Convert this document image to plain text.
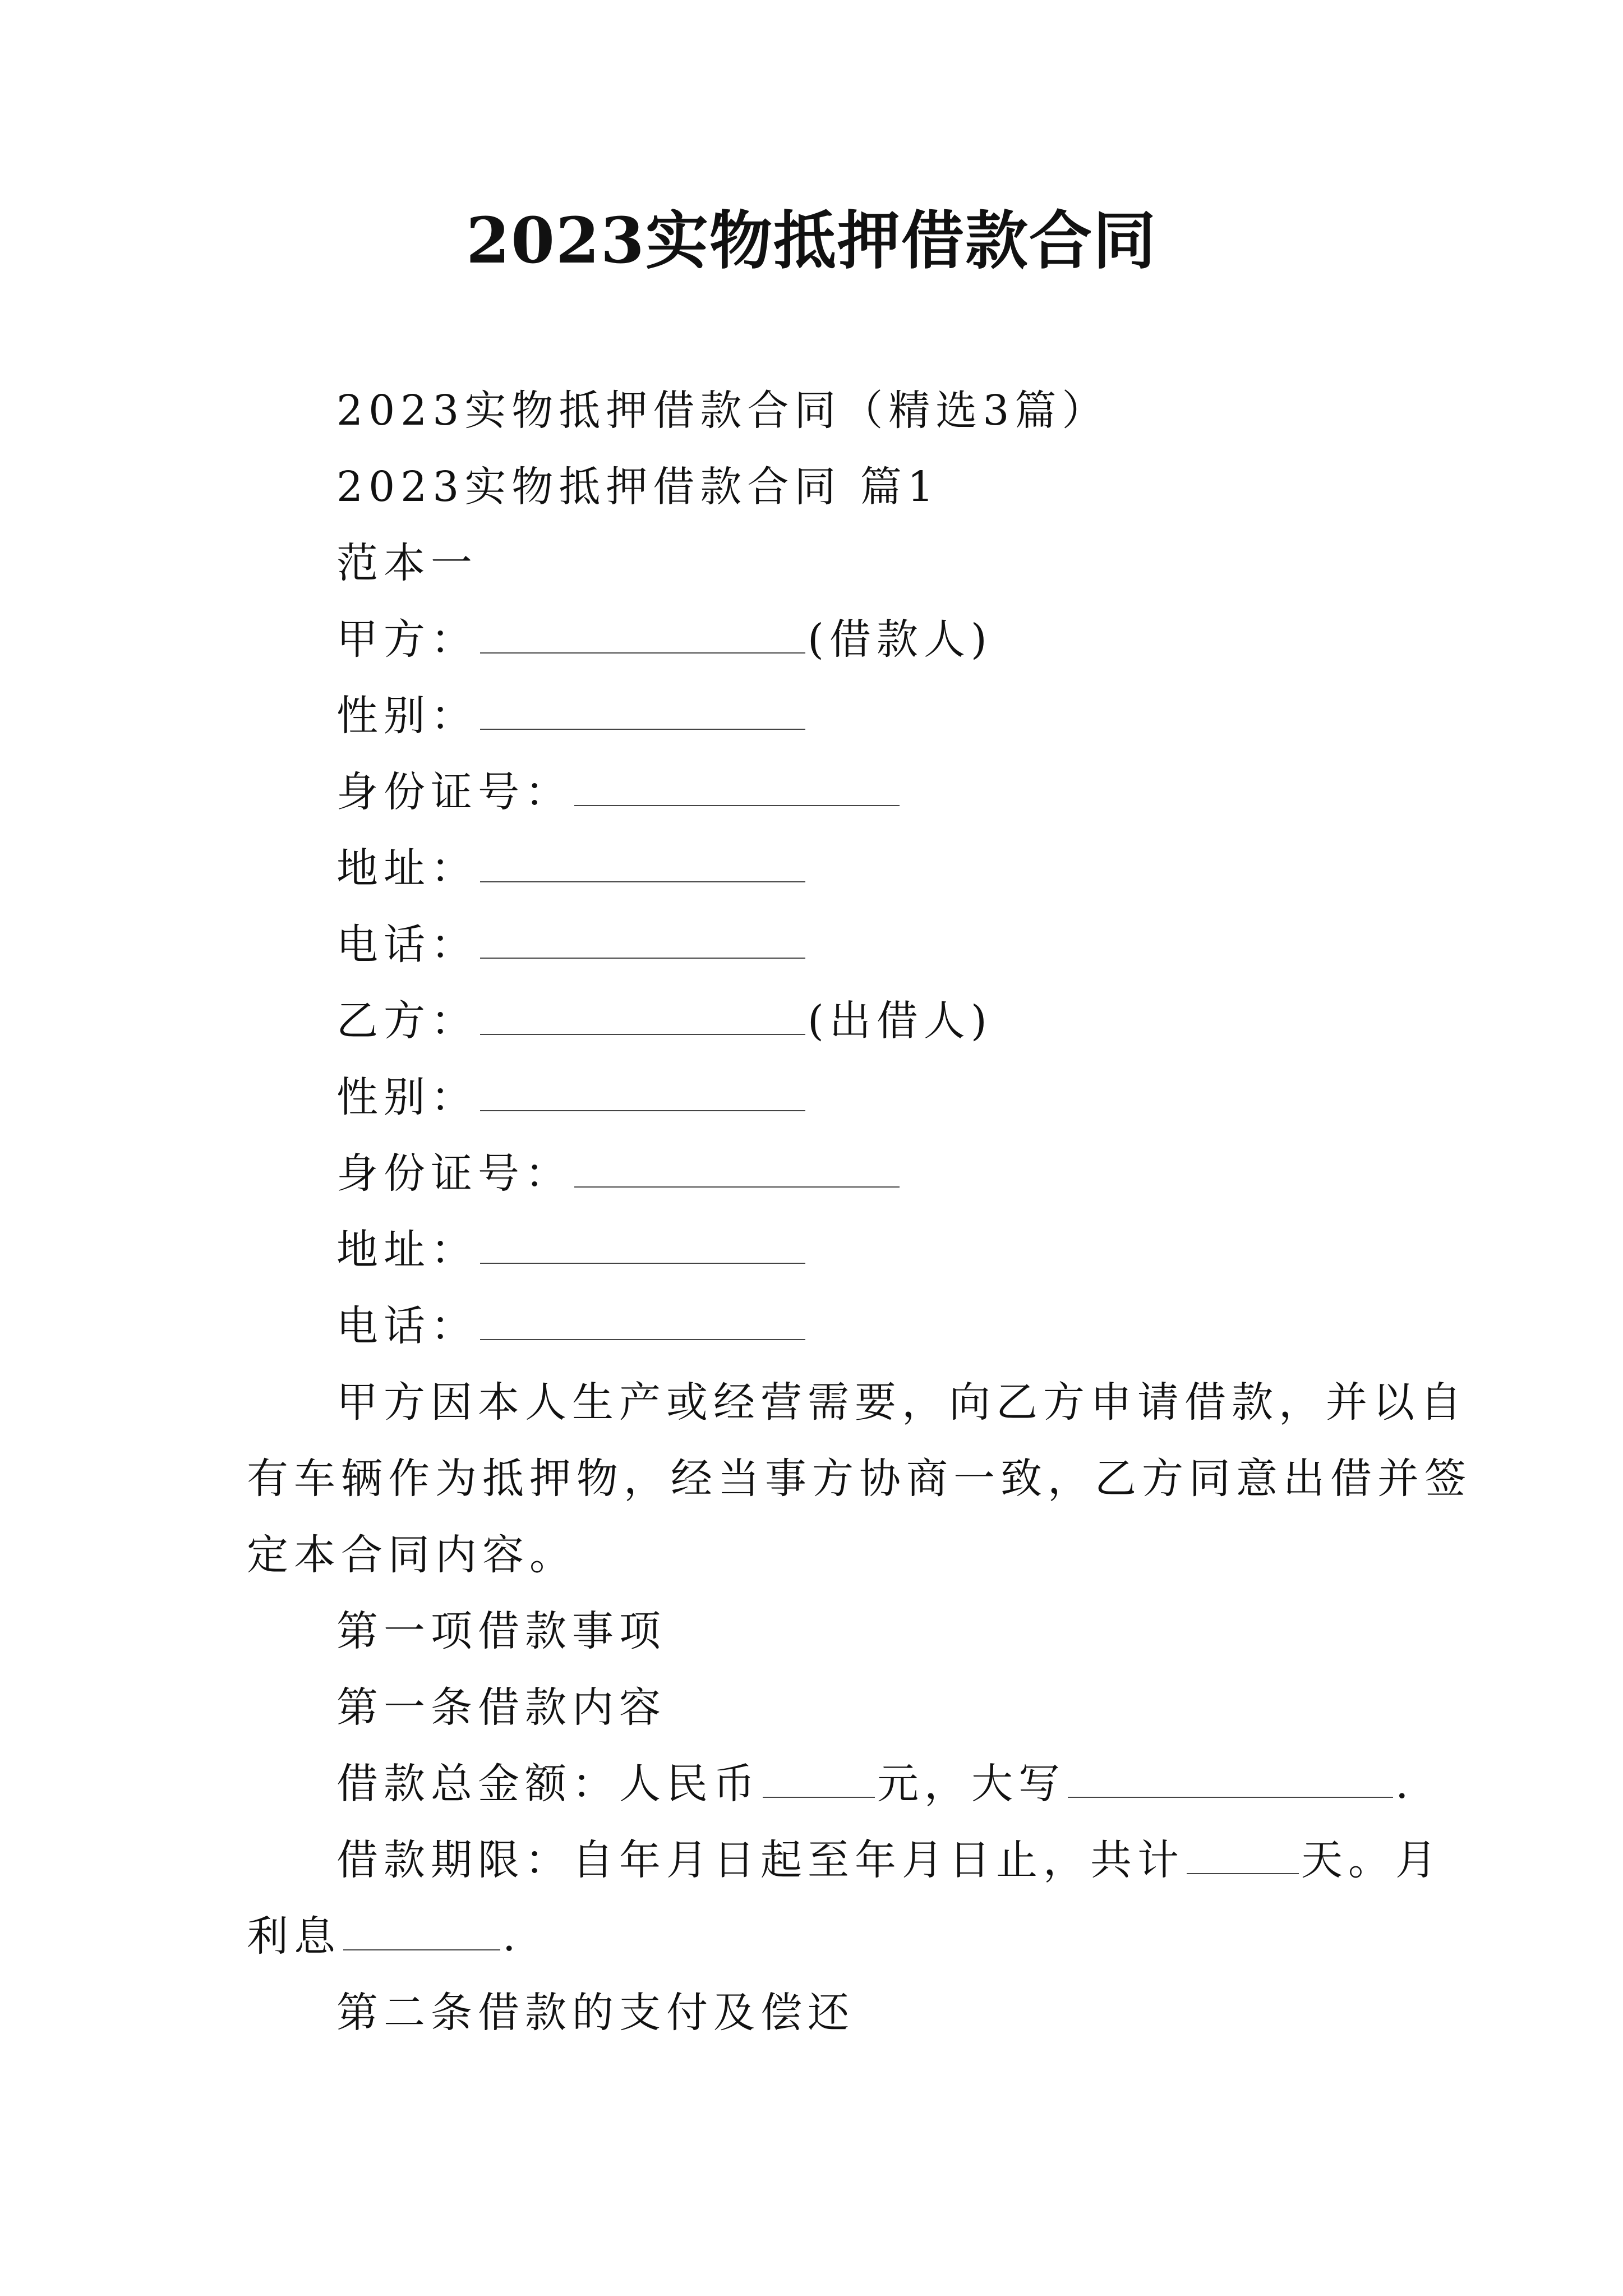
2023实物抵押借款合同
2023实物抵押借款合同（精选3篇）
2023实物抵押借款合同 篇1
范本一
甲方：	(借款人)
性别：
身份证号：
地址：
电话：
乙方：	(出借人)
性别：
身份证号：
地址：
电话：
甲方因本人生产或经营需要，向乙方申请借款，并以自
有车辆作为抵押物，经当事方协商一致，乙方同意出借并签
定本合同内容。
第一项借款事项
第一条借款内容
借款总金额：人民币	元，大写	.
借款期限：自年月日起至年月日止，共计	天。月
利息	.
第二条借款的支付及偿还
